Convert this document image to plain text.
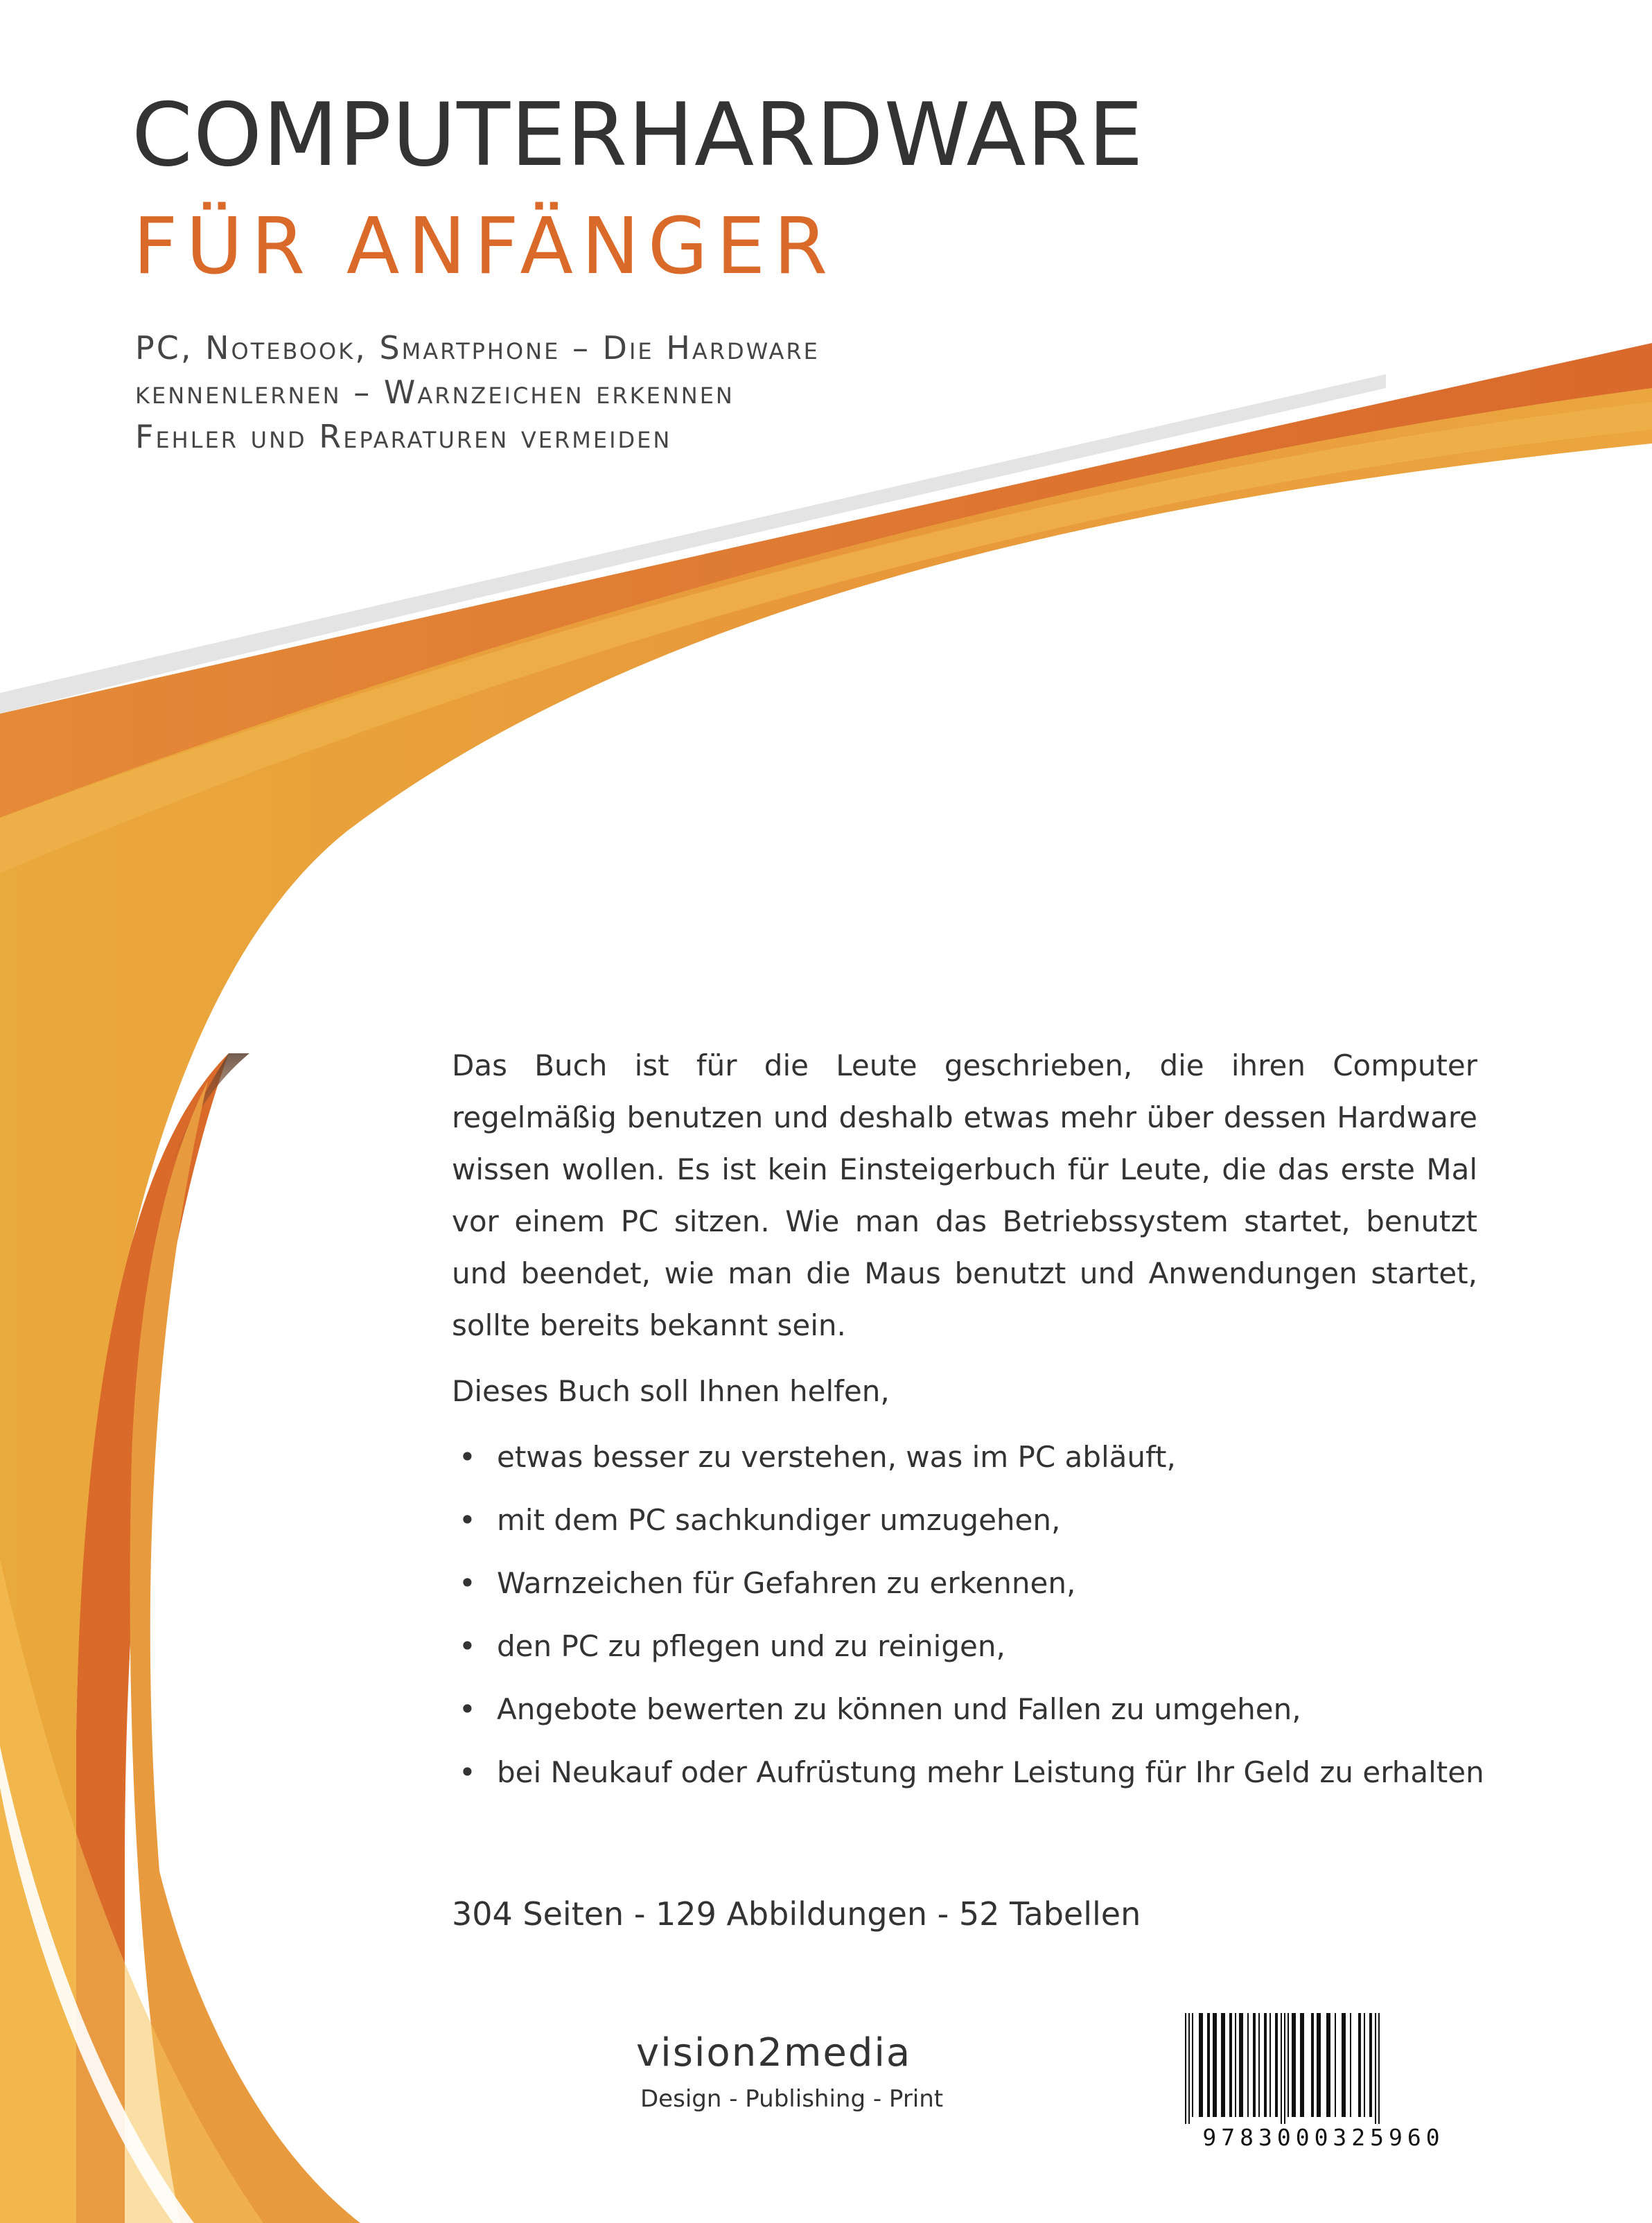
COMPUTERHARDWARE
FÜR ANFÄNGER
PC, Notebook, Smartphone – Die Hardware
kennenlernen – Warnzeichen erkennen
Fehler und Reparaturen vermeiden

Das Buch ist für die Leute geschrieben, die ihren Computer regelmäßig benutzen und deshalb etwas mehr über dessen Hardware wissen wollen. Es ist kein Einsteigerbuch für Leute, die das erste Mal vor einem PC sitzen. Wie man das Betriebssystem startet, benutzt und beendet, wie man die Maus benutzt und Anwendungen startet, sollte bereits bekannt sein.

Dieses Buch soll Ihnen helfen,

• etwas besser zu verstehen, was im PC abläuft,
• mit dem PC sachkundiger umzugehen,
• Warnzeichen für Gefahren zu erkennen,
• den PC zu pflegen und zu reinigen,
• Angebote bewerten zu können und Fallen zu umgehen,
• bei Neukauf oder Aufrüstung mehr Leistung für Ihr Geld zu erhalten
304 Seiten - 129 Abbildungen - 52 Tabellen
vision2media
Design - Publishing - Print
9783000325960
